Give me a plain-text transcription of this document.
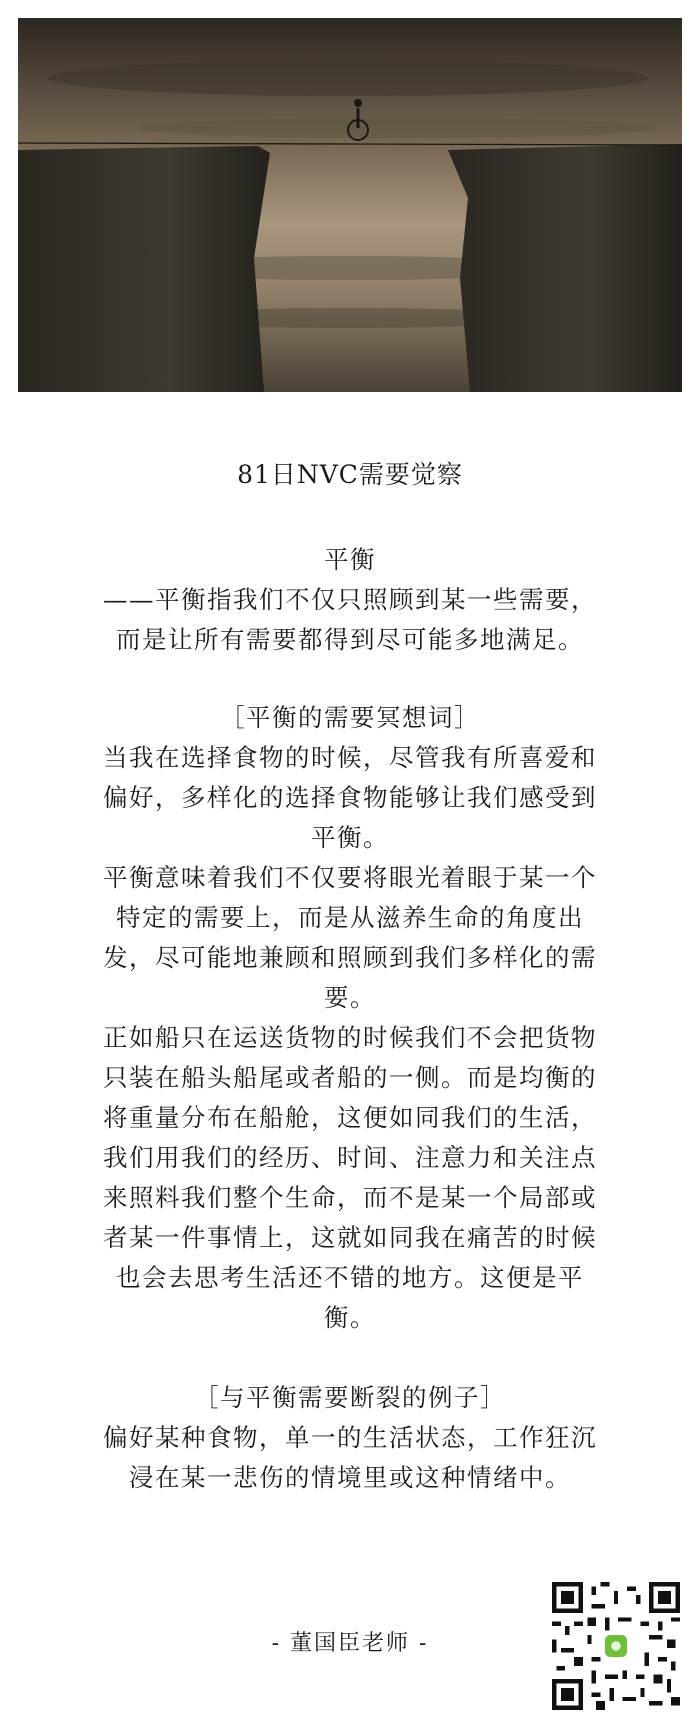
81日NVC需要觉察

平衡

——平衡指我们不仅只照顾到某一些需要，

而是让所有需要都得到尽可能多地满足。

［平衡的需要冥想词］

当我在选择食物的时候，尽管我有所喜爱和

偏好，多样化的选择食物能够让我们感受到

平衡。

平衡意味着我们不仅要将眼光着眼于某一个

特定的需要上，而是从滋养生命的角度出

发，尽可能地兼顾和照顾到我们多样化的需

要。

正如船只在运送货物的时候我们不会把货物

只装在船头船尾或者船的一侧。而是均衡的

将重量分布在船舱，这便如同我们的生活，

我们用我们的经历、时间、注意力和关注点

来照料我们整个生命，而不是某一个局部或

者某一件事情上，这就如同我在痛苦的时候

也会去思考生活还不错的地方。这便是平

衡。

［与平衡需要断裂的例子］

偏好某种食物，单一的生活状态，工作狂沉

浸在某一悲伤的情境里或这种情绪中。

- 董国臣老师 -
